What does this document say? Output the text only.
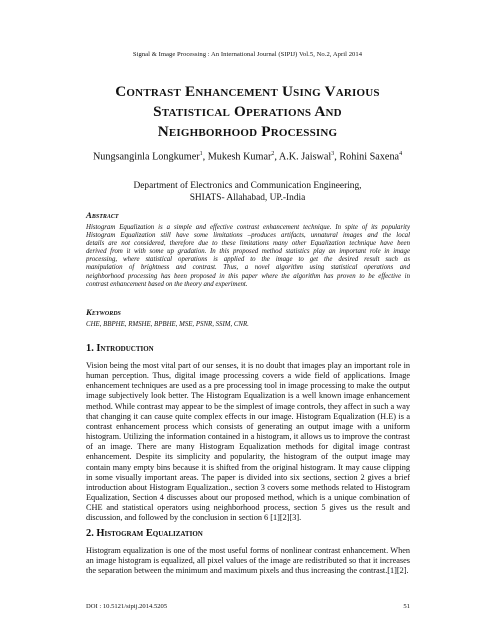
Signal & Image Processing : An International Journal (SIPIJ) Vol.5, No.2, April 2014
Contrast Enhancement Using Various
Statistical Operations And
Neighborhood Processing
Nungsanginla Longkumer$^1$, Mukesh Kumar$^2$, A.K. Jaiswal$^3$, Rohini Saxena$^4$
Department of Electronics and Communication Engineering,
SHIATS- Allahabad, UP.-India
Abstract
Histogram Equalization is a simple and effective contrast enhancement technique. In spite of its popularity
Histogram Equalization still have some limitations –produces artifacts, unnatural images and the local
details are not considered, therefore due to these limitations many other Equalization technique have been
derived from it with some up gradation. In this proposed method statistics play an important role in image
processing, where statistical operations is applied to the image to get the desired result such as
manipulation of brightness and contrast. Thus, a novel algorithm using statistical operations and
neighborhood processing has been proposed in this paper where the algorithm has proven to be effective in
contrast enhancement based on the theory and experiment.
Keywords
CHE, BBPHE, RMSHE, BPBHE, MSE, PSNR, SSIM, CNR.
1. Introduction
Vision being the most vital part of our senses, it is no doubt that images play an important role in
human perception. Thus, digital image processing covers a wide field of applications. Image
enhancement techniques are used as a pre processing tool in image processing to make the output
image subjectively look better. The Histogram Equalization is a well known image enhancement
method. While contrast may appear to be the simplest of image controls, they affect in such a way
that changing it can cause quite complex effects in our image. Histogram Equalization (H.E) is a
contrast enhancement process which consists of generating an output image with a uniform
histogram. Utilizing the information contained in a histogram, it allows us to improve the contrast
of an image. There are many Histogram Equalization methods for digital image contrast
enhancement. Despite its simplicity and popularity, the histogram of the output image may
contain many empty bins because it is shifted from the original histogram. It may cause clipping
in some visually important areas. The paper is divided into six sections, section 2 gives a brief
introduction about Histogram Equalization., section 3 covers some methods related to Histogram
Equalization, Section 4 discusses about our proposed method, which is a unique combination of
CHE and statistical operators using neighborhood process, section 5 gives us the result and
discussion, and followed by the conclusion in section 6 [1][2][3].
2. Histogram Equalization
Histogram equalization is one of the most useful forms of nonlinear contrast enhancement. When
an image histogram is equalized, all pixel values of the image are redistributed so that it increases
the separation between the minimum and maximum pixels and thus increasing the contrast.[1][2].
DOI : 10.5121/sipij.2014.5205	51
